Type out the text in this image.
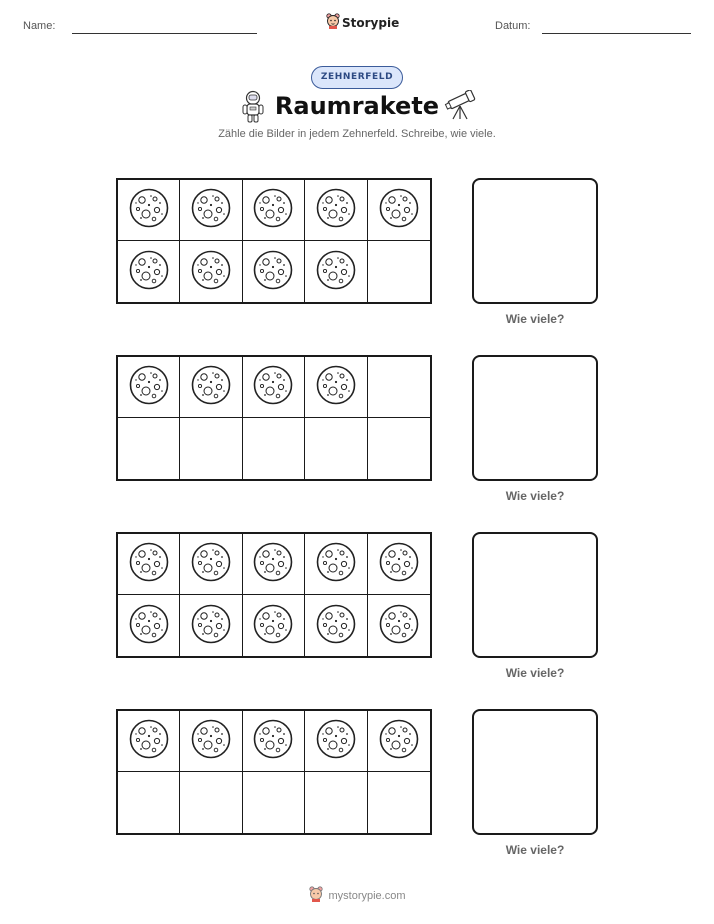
Name:	Storypie	Datum:
ZEHNERFELD
Raumrakete
Zähle die Bilder in jedem Zehnerfeld. Schreibe, wie viele.
Wie viele?
Wie viele?
Wie viele?
Wie viele?
mystorypie.com
